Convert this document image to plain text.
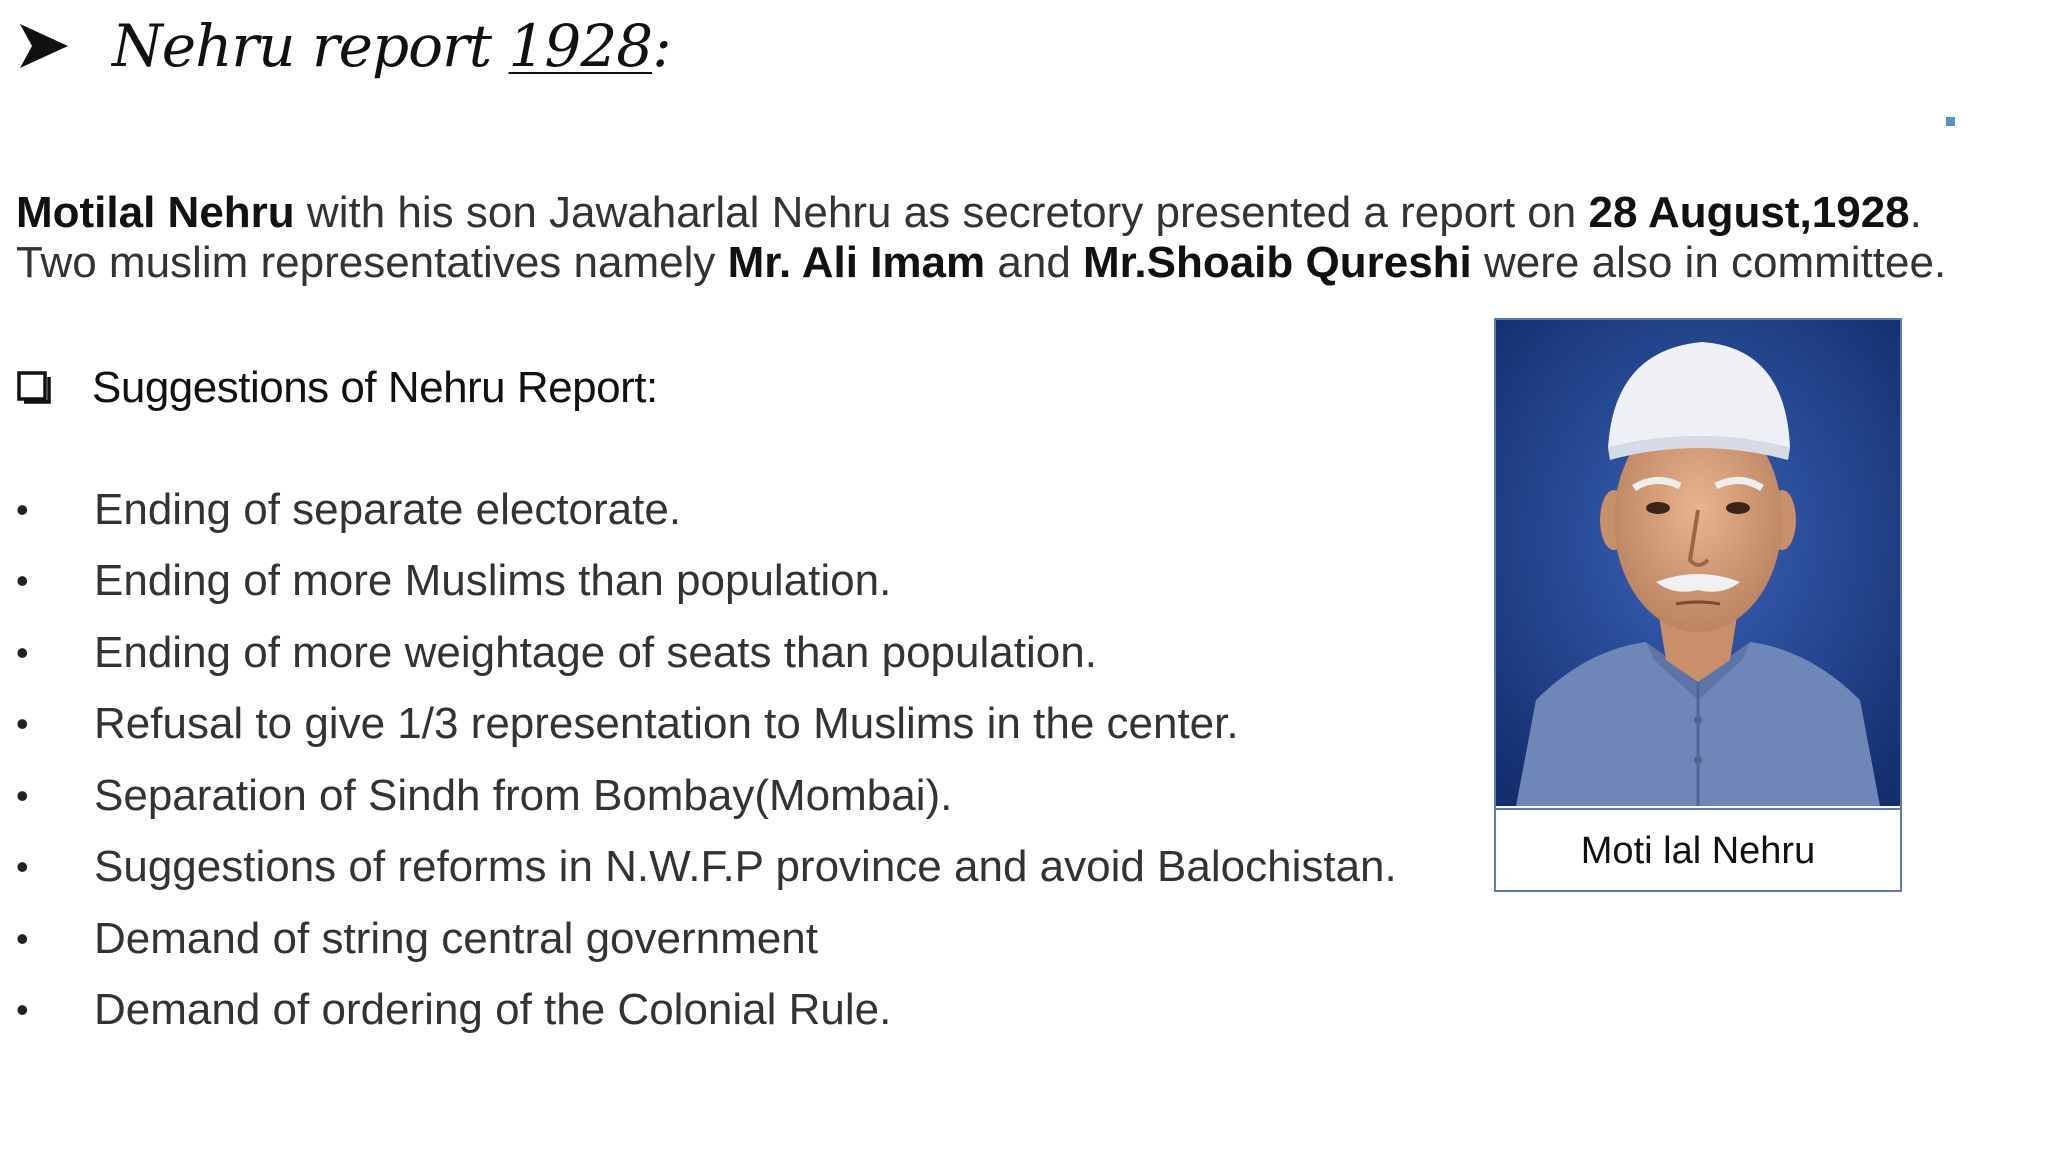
Nehru report 1928:
Motilal Nehru with his son Jawaharlal Nehru as secretory presented a report on 28 August,1928. Two muslim representatives namely Mr. Ali Imam and Mr.Shoaib Qureshi were also in committee.
Suggestions of Nehru Report:
•	Ending of separate electorate.
•	Ending of more Muslims than population.
•	Ending of more weightage of seats than population.
•	Refusal to give 1/3 representation to Muslims in the center.
•	Separation of Sindh from Bombay(Mombai).
•	Suggestions of reforms in N.W.F.P province and avoid Balochistan.
•	Demand of string central government
•	Demand of ordering of the Colonial Rule.
Moti lal Nehru
